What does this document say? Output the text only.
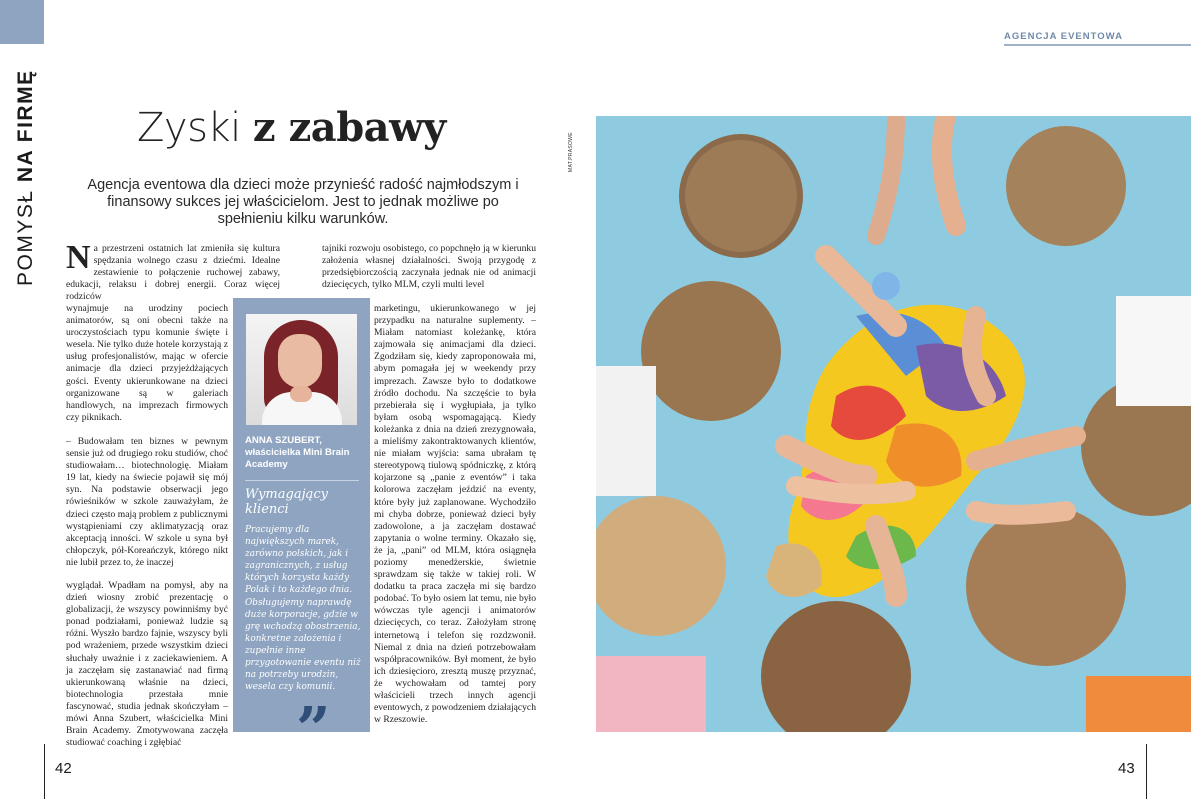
POMYSŁ NA FIRMĘ	Zyski z zabawy
Agencja eventowa dla dzieci może przynieść radość najmłodszym i finansowy sukces jej właścicielom. Jest to jednak możliwe po spełnieniu kilku warunków.
Na przestrzeni ostatnich lat zmieniła się kultura spędzania wolnego czasu z dziećmi. Idealne zestawienie to połączenie ruchowej zabawy, edukacji, relaksu i dobrej energii. Coraz więcej rodziców

wynajmuje na urodziny pociech animatorów, są oni obecni także na uroczystościach typu komunie święte i wesela. Nie tylko duże hotele korzystają z usług profesjonalistów, mając w ofercie animacje dla dzieci przyjeżdżających gości. Eventy ukierunkowane na dzieci organizowane są w galeriach handlowych, na imprezach firmowych czy piknikach.

– Budowałam ten biznes w pewnym sensie już od drugiego roku studiów, choć studiowałam… biotechnologię. Miałam 19 lat, kiedy na świecie pojawił się mój syn. Na podstawie obserwacji jego rówieśników w szkole zauważyłam, że dzieci często mają problem z publicznymi wystąpieniami czy aklimatyzacją oraz akceptacją inności. W szkole u syna był chłopczyk, pół-Koreańczyk, którego nikt nie lubił przez to, że inaczej

wyglądał. Wpadłam na pomysł, aby na dzień wiosny zrobić prezentację o globalizacji, że wszyscy powinniśmy być ponad podziałami, ponieważ ludzie są różni. Wyszło bardzo fajnie, wszyscy byli pod wrażeniem, przede wszystkim dzieci słuchały uważnie i z zaciekawieniem. A ja zaczęłam się zastanawiać nad firmą ukierunkowaną właśnie na dzieci, biotechnologia przestała mnie fascynować, studia jednak skończyłam – mówi Anna Szubert, właścicielka Mini Brain Academy. Zmotywowana zaczęła studiować coaching i zgłębiać

tajniki rozwoju osobistego, co popchnęło ją w kierunku założenia własnej działalności. Swoją przygodę z przedsiębiorczością zaczynała jednak nie od animacji dziecięcych, tylko MLM, czyli multi level

marketingu, ukierunkowanego w jej przypadku na naturalne suplementy. – Miałam natomiast koleżankę, która zajmowała się animacjami dla dzieci. Zgodziłam się, kiedy zaproponowała mi, abym pomagała jej w weekendy przy imprezach. Zawsze było to dodatkowe źródło dochodu. Na szczęście to była przebierała się i wygłupiała, ja tylko byłam osobą wspomagającą. Kiedy koleżanka z dnia na dzień zrezygnowała, a mieliśmy zakontraktowanych klientów, nie miałam wyjścia: sama ubrałam tę stereotypową tiulową spódniczkę, z którą kojarzone są „panie z eventów” i taka kolorowa zaczęłam jeździć na eventy, które były już zaplanowane. Wychodziło mi chyba dobrze, ponieważ dzieci były zadowolone, a ja zaczęłam dostawać zapytania o wolne terminy. Okazało się, że ja, „pani” od MLM, która osiągnęła poziomy menedżerskie, świetnie sprawdzam się także w takiej roli. W dodatku ta praca zaczęła mi się bardzo podobać. To było osiem lat temu, nie było wówczas tyle agencji i animatorów dziecięcych, co teraz. Założyłam stronę internetową i telefon się rozdzwonił. Niemal z dnia na dzień potrzebowałam współpracowników. Był moment, że było ich dziesięcioro, zresztą muszę przyznać, że wychowałam od tamtej pory właścicieli trzech innych agencji eventowych, z powodzeniem działających w Rzeszowie.

ANNA SZUBERT,
właścicielka Mini Brain Academy
Wymagający klienci
Pracujemy dla największych marek, zarówno polskich, jak i zagranicznych, z usług których korzysta każdy Polak i to każdego dnia. Obsługujemy naprawdę duże korporacje, gdzie w grę wchodzą obostrzenia, konkretne założenia i zupełnie inne przygotowanie eventu niż na potrzeby urodzin, wesela czy komunii.
”
42
AGENCJA EVENTOWA
MAT.PRASOWE
43
